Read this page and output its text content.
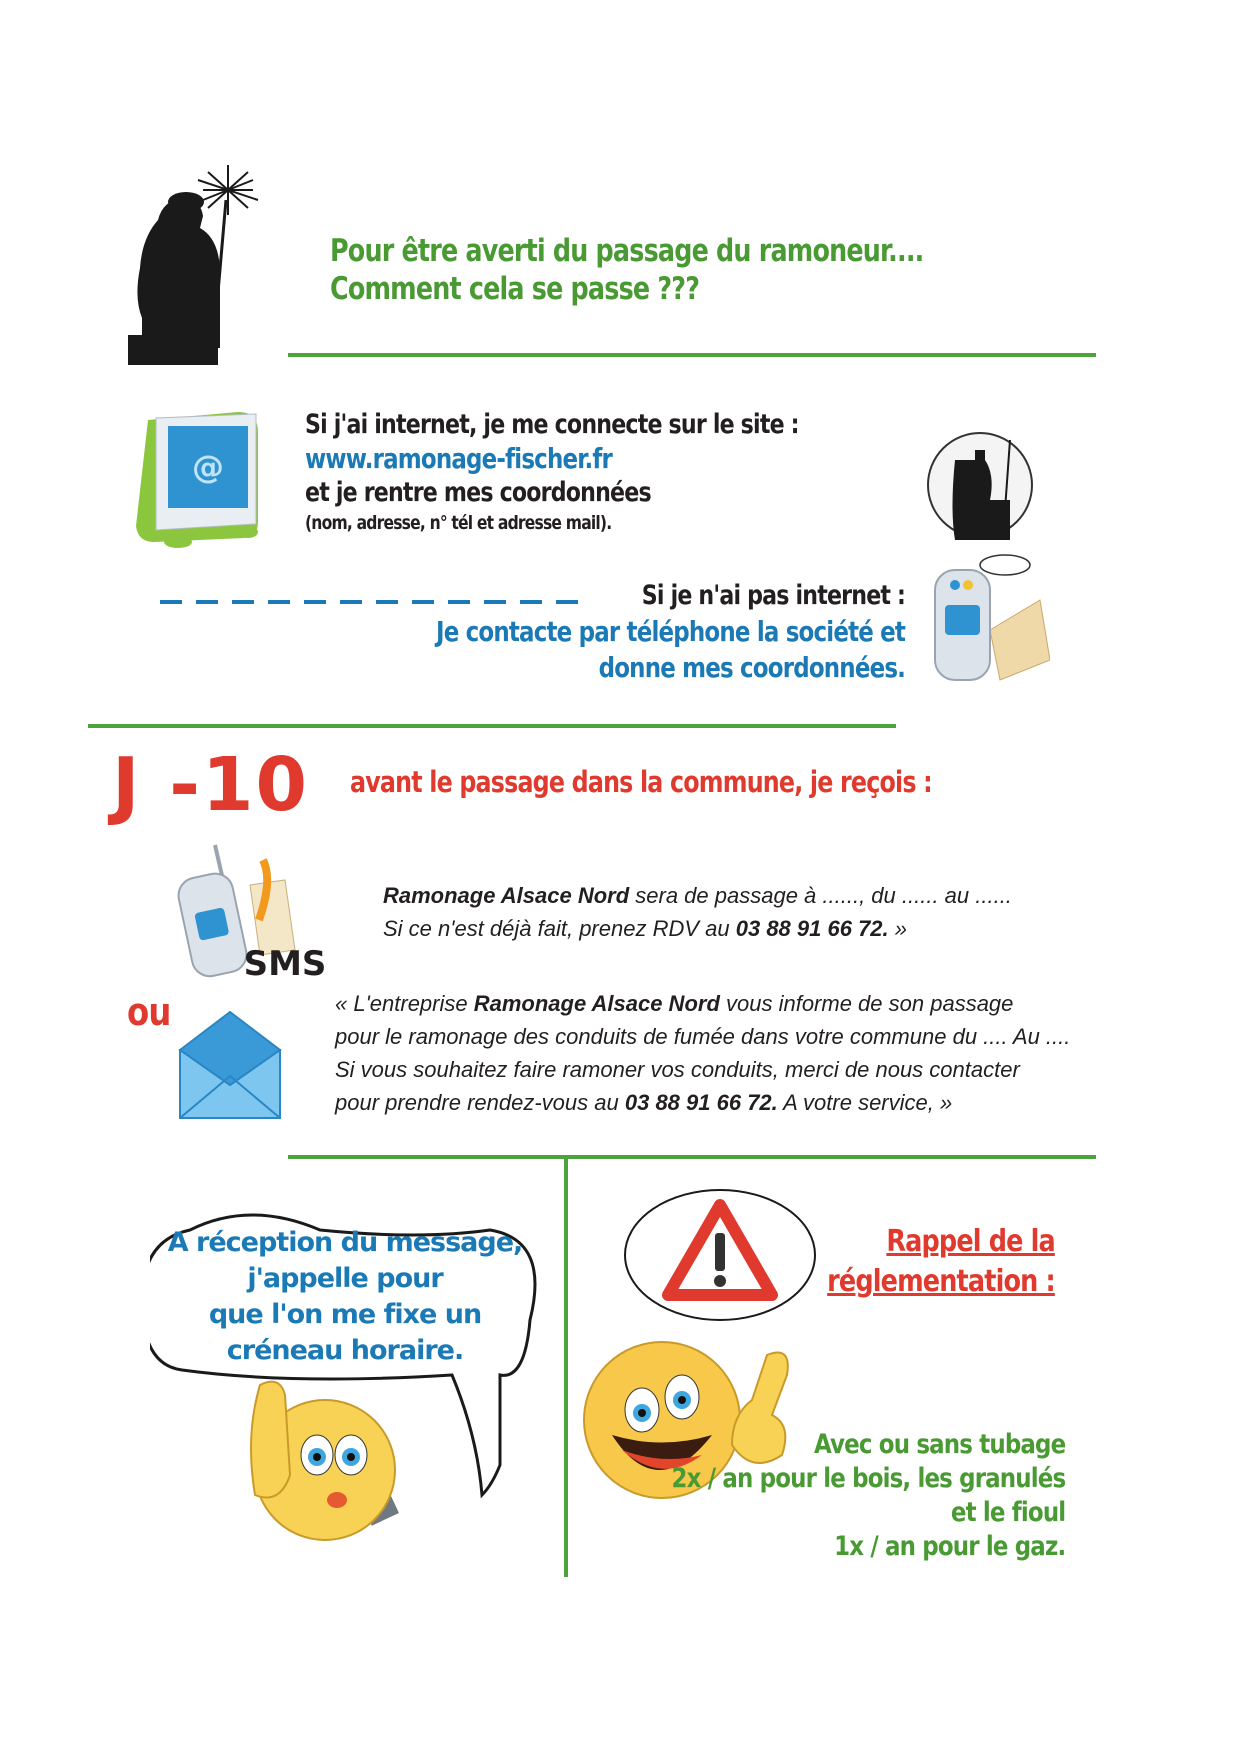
Pour être averti du passage du ramoneur....
Comment cela se passe ???
@
Si j'ai internet, je me connecte sur le site :
www.ramonage-fischer.fr
et je rentre mes coordonnées
(nom, adresse, n° tél et adresse mail).
Si je n'ai pas internet :
Je contacte par téléphone la société et
donne mes coordonnées.
J -10 avant le passage dans la commune, je reçois :
SMS
Ramonage Alsace Nord sera de passage à ......, du ...... au ......
Si ce n'est déjà fait, prenez RDV au 03 88 91 66 72. »
ou	« L'entreprise Ramonage Alsace Nord vous informe de son passage
pour le ramonage des conduits de fumée dans votre commune du .... Au ....
Si vous souhaitez faire ramoner vos conduits, merci de nous contacter
pour prendre rendez-vous au 03 88 91 66 72. A votre service, »
A réception du message,
j'appelle pour
que l'on me fixe un
créneau horaire.
Rappel de la
réglementation :
Avec ou sans tubage
2x / an pour le bois, les granulés
et le fioul
1x / an pour le gaz.
